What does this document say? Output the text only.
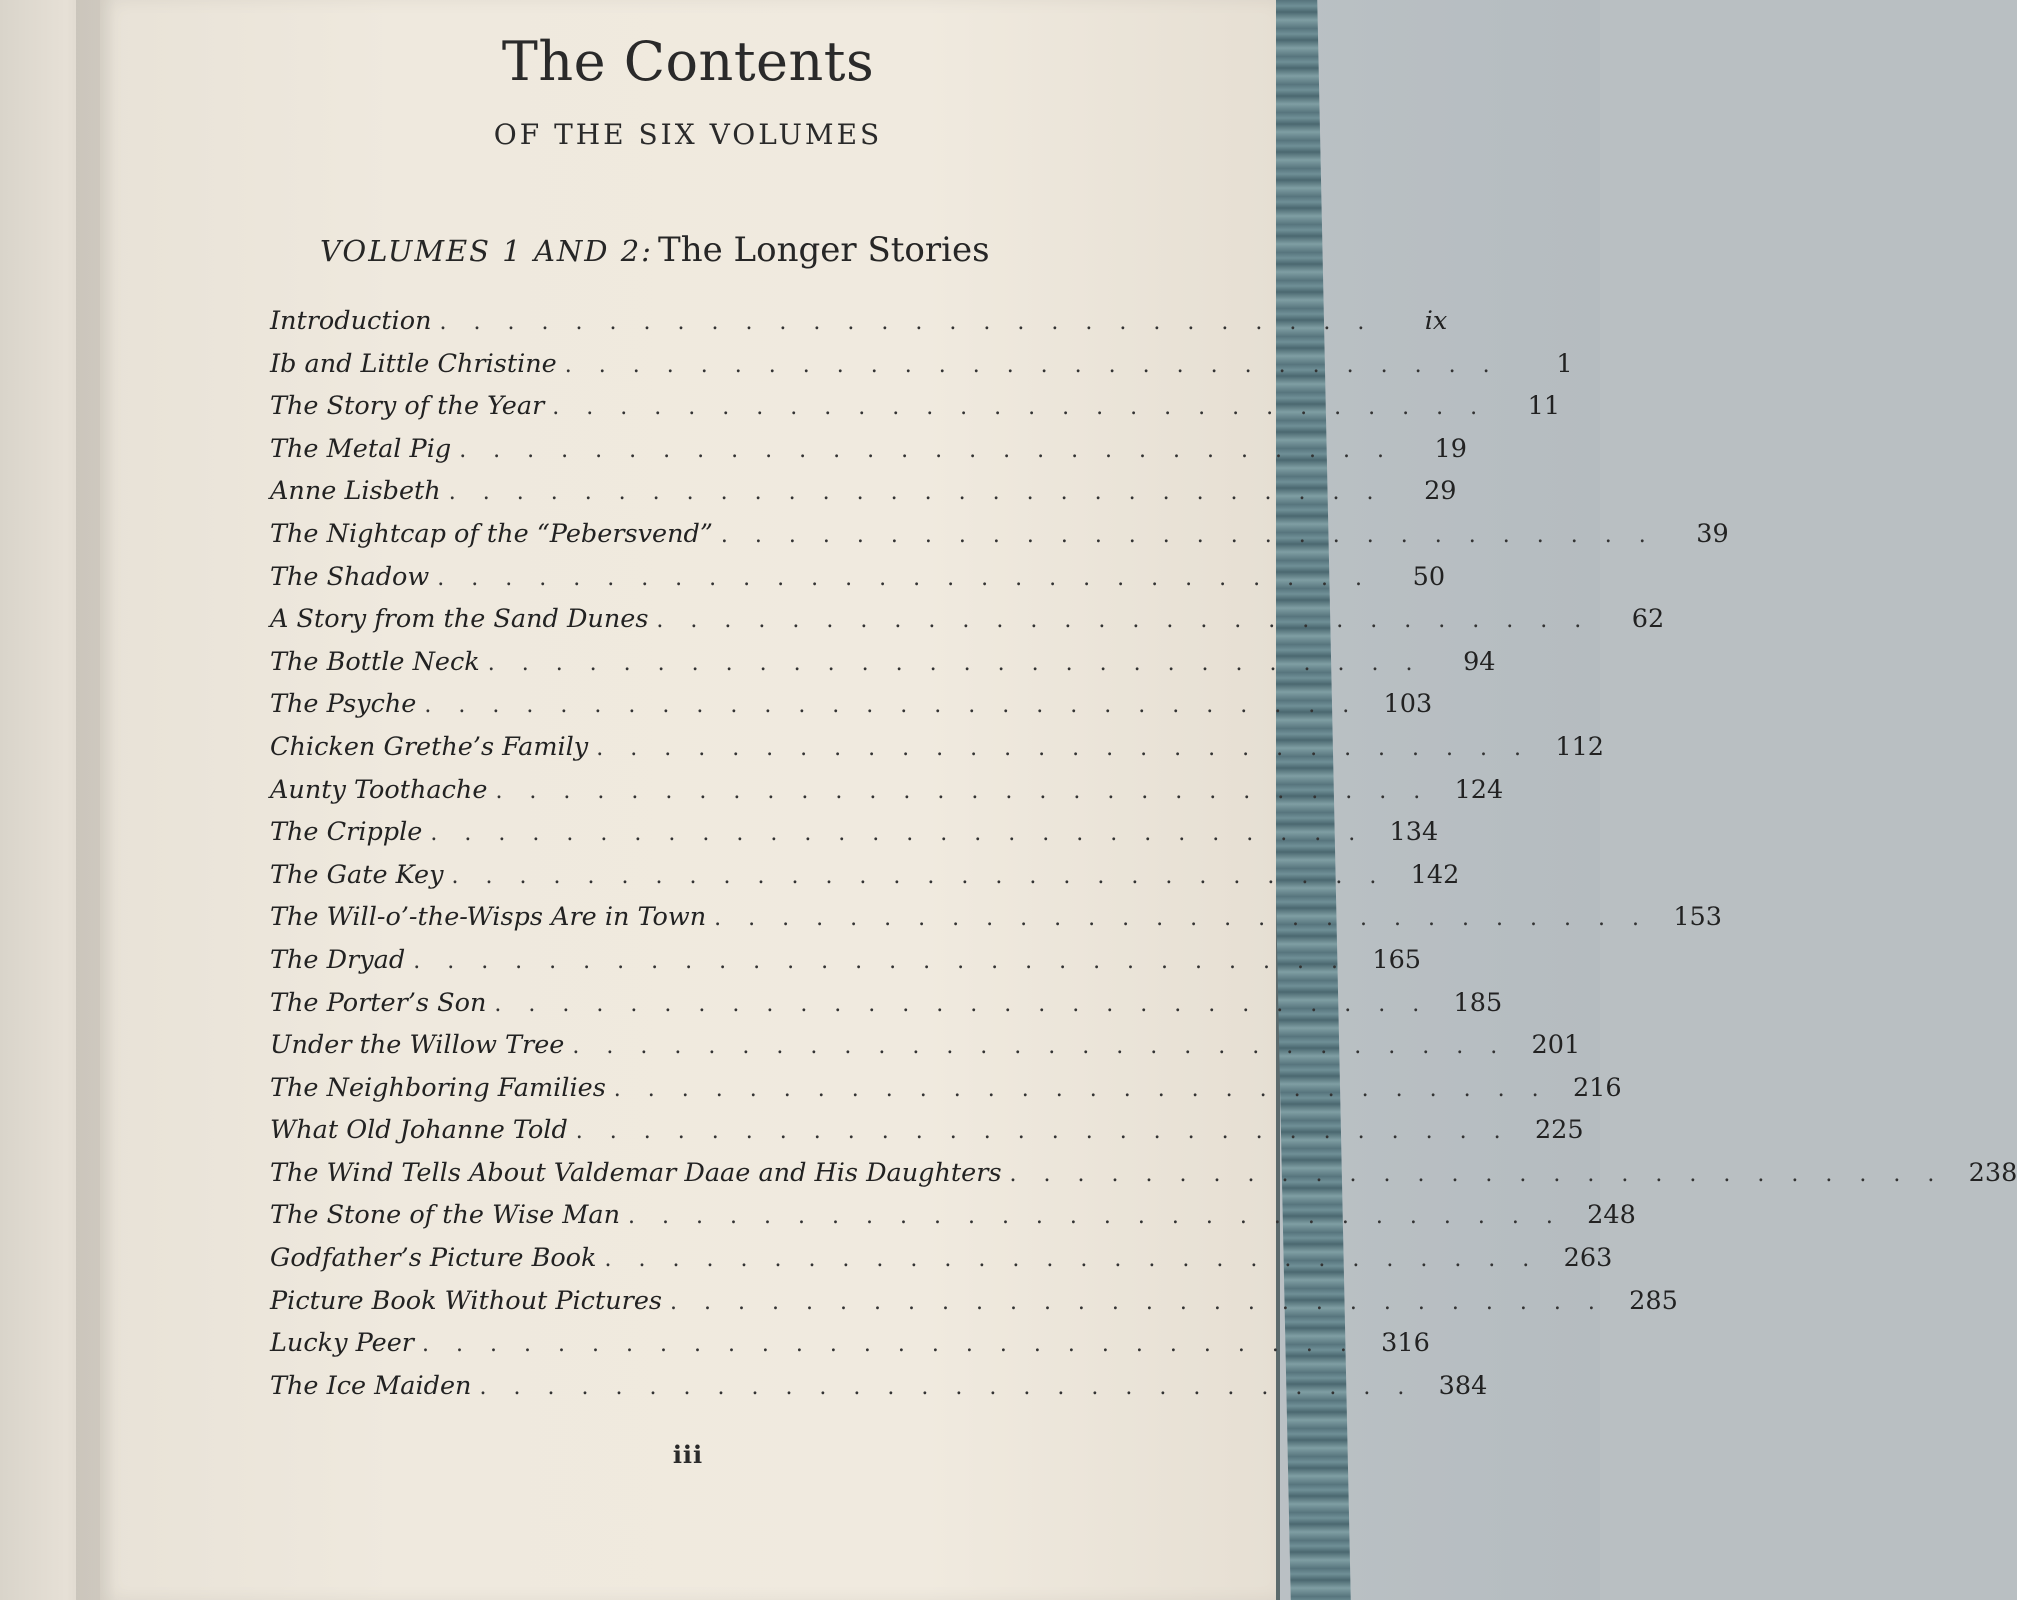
The Contents
OF THE SIX VOLUMES
VOLUMES 1 AND 2: The Longer Stories
Introduction ............................	ix
Ib and Little Christine ............................	1
The Story of the Year ............................ 11
The Metal Pig ............................ 19
Anne Lisbeth ............................ 29
The Nightcap of the “Pebersvend” ............................ 39
The Shadow ............................ 50
A Story from the Sand Dunes ............................ 62
The Bottle Neck ............................ 94
The Psyche ............................ 103
Chicken Grethe’s Family ............................ 112
Aunty Toothache ............................ 124
The Cripple ............................ 134
The Gate Key ............................ 142
The Will-o’-the-Wisps Are in Town ............................ 153
The Dryad ............................ 165
The Porter’s Son ............................ 185
Under the Willow Tree ............................ 201
The Neighboring Families ............................ 216
What Old Johanne Told ............................ 225
The Wind Tells About Valdemar Daae and His Daughters ............................ 238
The Stone of the Wise Man ............................ 248
Godfather’s Picture Book ............................ 263
Picture Book Without Pictures ............................ 285
Lucky Peer ............................ 316
The Ice Maiden ............................ 384
iii
